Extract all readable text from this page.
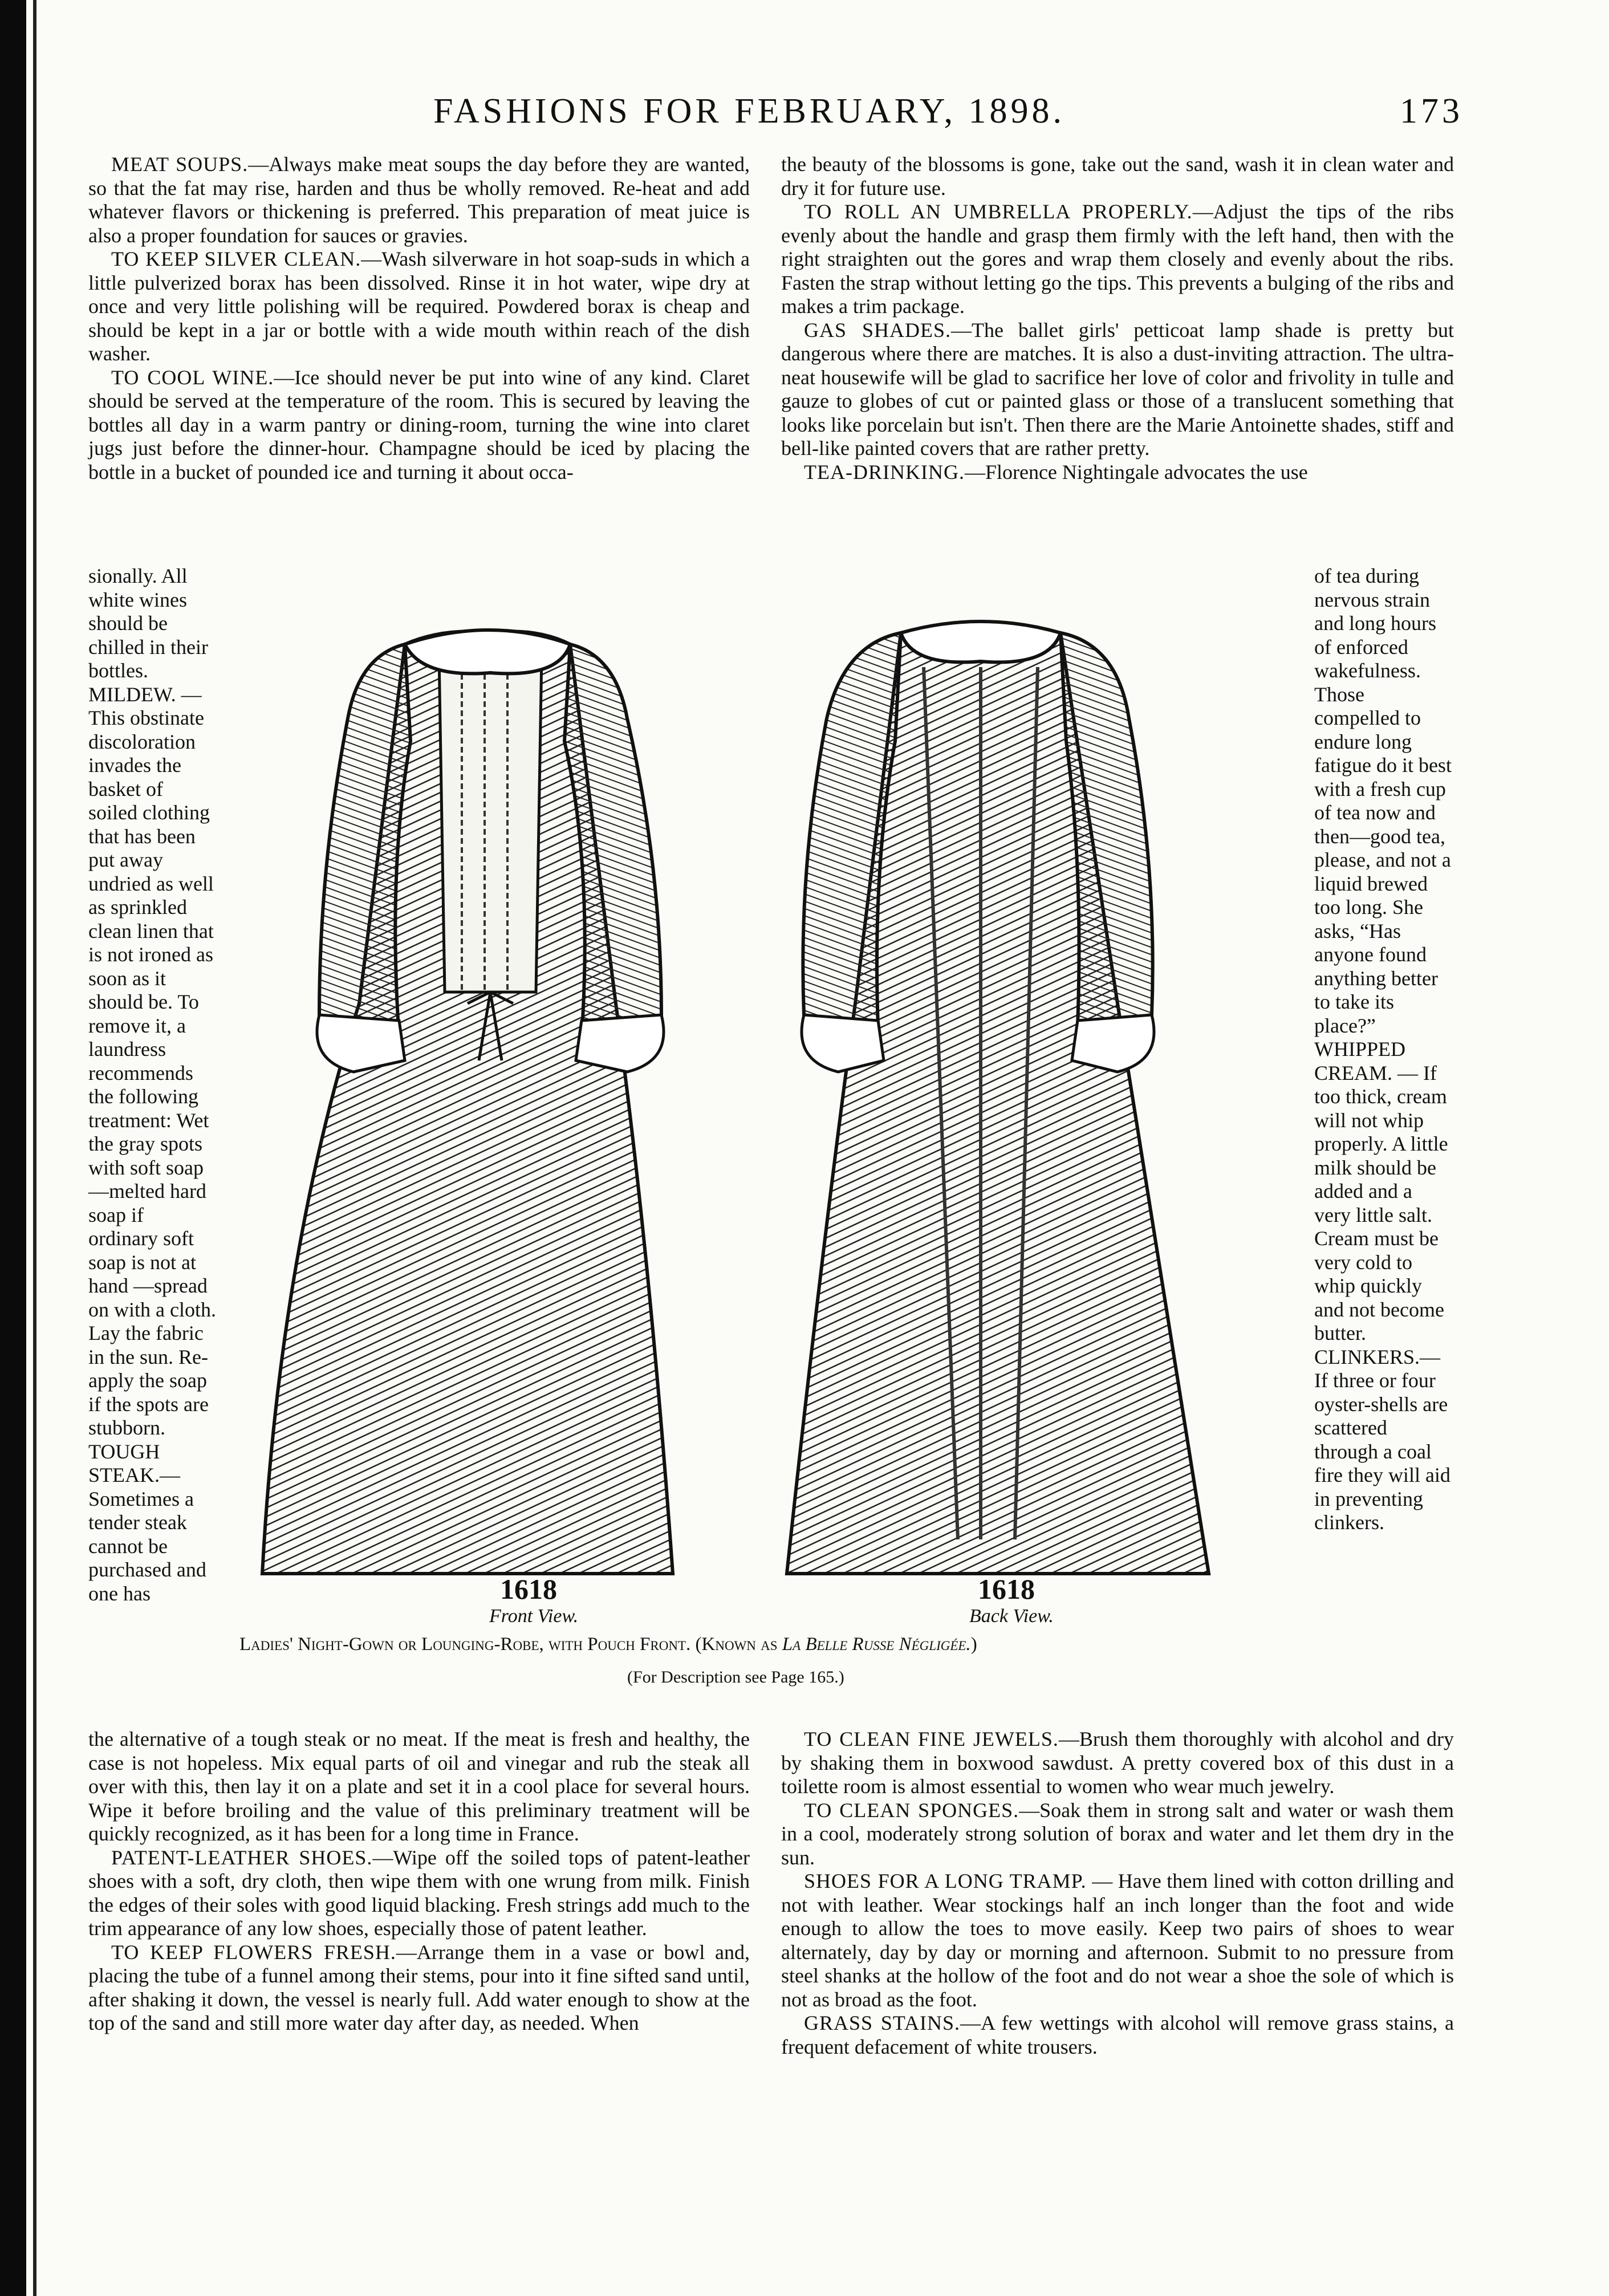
FASHIONS FOR FEBRUARY, 1898.	173

MEAT SOUPS.—Always make meat soups the day before they are wanted, so that the fat may rise, harden and thus be wholly removed. Re-heat and add whatever flavors or thickening is preferred. This preparation of meat juice is also a proper foundation for sauces or gravies.

TO KEEP SILVER CLEAN.—Wash silverware in hot soap-suds in which a little pulverized borax has been dissolved. Rinse it in hot water, wipe dry at once and very little polishing will be required. Powdered borax is cheap and should be kept in a jar or bottle with a wide mouth within reach of the dish washer.

TO COOL WINE.—Ice should never be put into wine of any kind. Claret should be served at the temperature of the room. This is secured by leaving the bottles all day in a warm pantry or dining-room, turning the wine into claret jugs just before the dinner-hour. Champagne should be iced by placing the bottle in a bucket of pounded ice and turning it about occa-

sionally. All white wines should be chilled in their bottles. MILDEW. —This obstinate discoloration invades the basket of soiled clothing that has been put away undried as well as sprinkled clean linen that is not ironed as soon as it should be. To remove it, a laundress recommends the following treatment: Wet the gray spots with soft soap—melted hard soap if ordinary soft soap is not at hand —spread on with a cloth. Lay the fabric in the sun. Re-apply the soap if the spots are stubborn. TOUGH STEAK.—Sometimes a tender steak cannot be purchased and one has

the alternative of a tough steak or no meat. If the meat is fresh and healthy, the case is not hopeless. Mix equal parts of oil and vinegar and rub the steak all over with this, then lay it on a plate and set it in a cool place for several hours. Wipe it before broiling and the value of this preliminary treatment will be quickly recognized, as it has been for a long time in France.

PATENT-LEATHER SHOES.—Wipe off the soiled tops of patent-leather shoes with a soft, dry cloth, then wipe them with one wrung from milk. Finish the edges of their soles with good liquid blacking. Fresh strings add much to the trim appearance of any low shoes, especially those of patent leather.

TO KEEP FLOWERS FRESH.—Arrange them in a vase or bowl and, placing the tube of a funnel among their stems, pour into it fine sifted sand until, after shaking it down, the vessel is nearly full. Add water enough to show at the top of the sand and still more water day after day, as needed. When

the beauty of the blossoms is gone, take out the sand, wash it in clean water and dry it for future use.

TO ROLL AN UMBRELLA PROPERLY.—Adjust the tips of the ribs evenly about the handle and grasp them firmly with the left hand, then with the right straighten out the gores and wrap them closely and evenly about the ribs. Fasten the strap without letting go the tips. This prevents a bulging of the ribs and makes a trim package.

GAS SHADES.—The ballet girls' petticoat lamp shade is pretty but dangerous where there are matches. It is also a dust-inviting attraction. The ultra-neat housewife will be glad to sacrifice her love of color and frivolity in tulle and gauze to globes of cut or painted glass or those of a translucent something that looks like porcelain but isn't. Then there are the Marie Antoinette shades, stiff and bell-like painted covers that are rather pretty.

TEA-DRINKING.—Florence Nightingale advocates the use

of tea during nervous strain and long hours of enforced wakefulness. Those compelled to endure long fatigue do it best with a fresh cup of tea now and then—good tea, please, and not a liquid brewed too long. She asks, “Has anyone found anything better to take its place?” WHIPPED CREAM. — If too thick, cream will not whip properly. A little milk should be added and a very little salt. Cream must be very cold to whip quickly and not become butter. CLINKERS.—If three or four oyster-shells are scattered through a coal fire they will aid in preventing clinkers.

TO CLEAN FINE JEWELS.—Brush them thoroughly with alcohol and dry by shaking them in boxwood sawdust. A pretty covered box of this dust in a toilette room is almost essential to women who wear much jewelry.

TO CLEAN SPONGES.—Soak them in strong salt and water or wash them in a cool, moderately strong solution of borax and water and let them dry in the sun.

SHOES FOR A LONG TRAMP. — Have them lined with cotton drilling and not with leather. Wear stockings half an inch longer than the foot and wide enough to allow the toes to move easily. Keep two pairs of shoes to wear alternately, day by day or morning and afternoon. Submit to no pressure from steel shanks at the hollow of the foot and do not wear a shoe the sole of which is not as broad as the foot.

GRASS STAINS.—A few wettings with alcohol will remove grass stains, a frequent defacement of white trousers.

1618
Front View.
1618
Back View.
Ladies' Night-Gown or Lounging-Robe, with Pouch Front. (Known as La Belle Russe Négligée.)
(For Description see Page 165.)
